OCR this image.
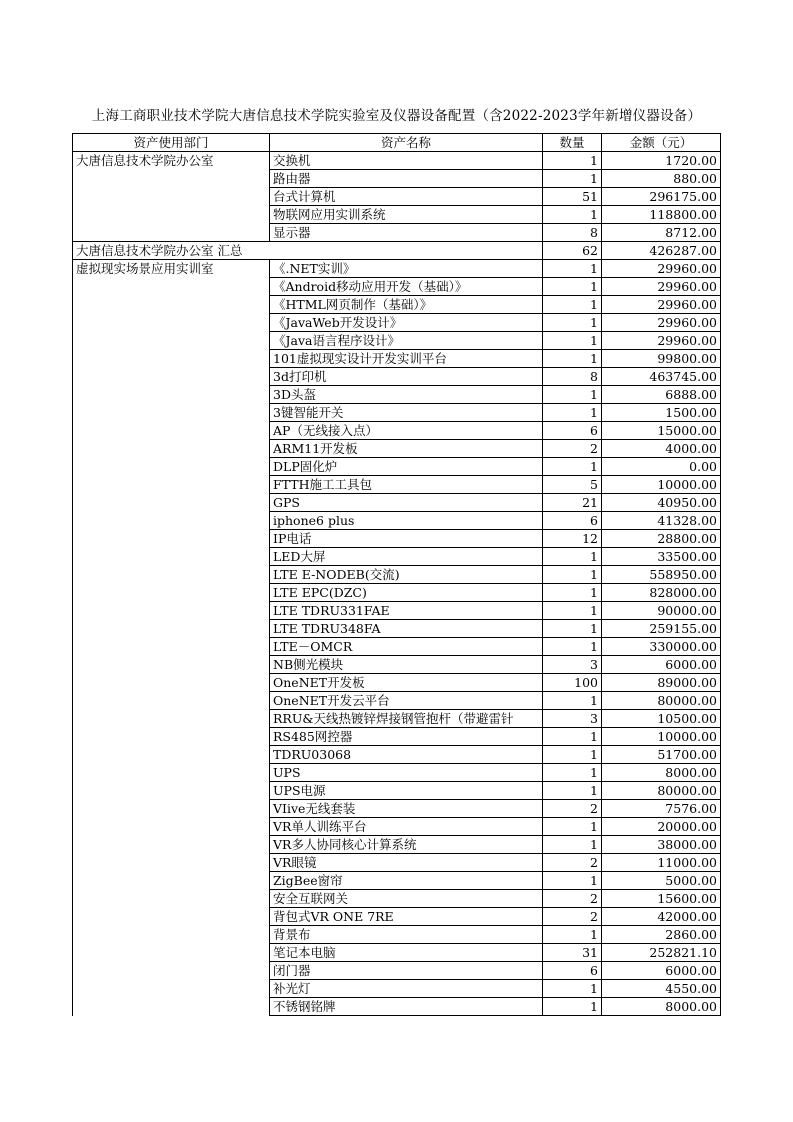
上海工商职业技术学院大唐信息技术学院实验室及仪器设备配置（含2022-2023学年新增仪器设备）
资产使用部门	资产名称	数量	金额（元）
大唐信息技术学院办公室	交换机	1	1720.00
	路由器	1	880.00
	台式计算机	51	296175.00
	物联网应用实训系统	1	118800.00
	显示器	8	8712.00
大唐信息技术学院办公室 汇总		62	426287.00
虚拟现实场景应用实训室	《.NET实训》	1	29960.00
	《Android移动应用开发（基础）》	1	29960.00
	《HTML网页制作（基础）》	1	29960.00
	《JavaWeb开发设计》	1	29960.00
	《Java语言程序设计》	1	29960.00
	101虚拟现实设计开发实训平台	1	99800.00
	3d打印机	8	463745.00
	3D头盔	1	6888.00
	3键智能开关	1	1500.00
	AP（无线接入点）	6	15000.00
	ARM11开发板	2	4000.00
	DLP固化炉	1	0.00
	FTTH施工工具包	5	10000.00
	GPS	21	40950.00
	iphone6 plus	6	41328.00
	IP电话	12	28800.00
	LED大屏	1	33500.00
	LTE E-NODEB(交流)	1	558950.00
	LTE EPC(DZC)	1	828000.00
	LTE TDRU331FAE	1	90000.00
	LTE TDRU348FA	1	259155.00
	LTE－OMCR	1	330000.00
	NB侧光模块	3	6000.00
	OneNET开发板	100	89000.00
	OneNET开发云平台	1	80000.00
	RRU&天线热镀锌焊接钢管抱杆（带避雷针	3	10500.00
	RS485网控器	1	10000.00
	TDRU03068	1	51700.00
	UPS	1	8000.00
	UPS电源	1	80000.00
	VIive无线套装	2	7576.00
	VR单人训练平台	1	20000.00
	VR多人协同核心计算系统	1	38000.00
	VR眼镜	2	11000.00
	ZigBee窗帘	1	5000.00
	安全互联网关	2	15600.00
	背包式VR ONE 7RE	2	42000.00
	背景布	1	2860.00
	笔记本电脑	31	252821.10
	闭门器	6	6000.00
	补光灯	1	4550.00
	不锈钢铭牌	1	8000.00
